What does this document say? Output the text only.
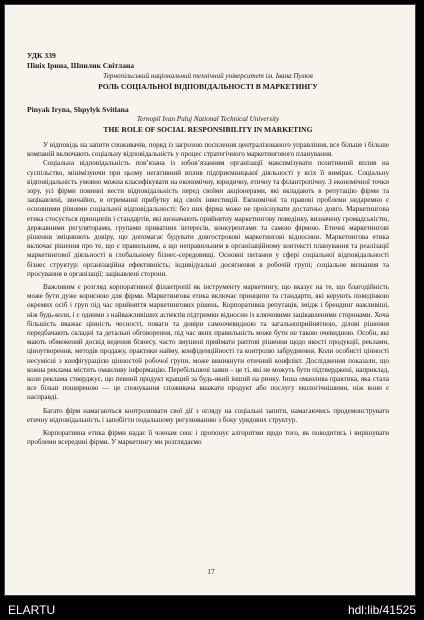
УДК 339
Пініх Ірина, Шпилик Світлана
Тернопільський національний технічний університет ім. Івана Пулюя
РОЛЬ СОЦІАЛЬНОЇ ВІДПОВІДАЛЬНОСТІ В МАРКЕТИНГУ
Pinyak Iryna, Shpylyk Svitlana
Ternopil Ivan Puluj National Technical University
THE ROLE OF SOCIAL RESPONSIBILITY IN MARKETING

У відповідь на запити споживачів, поряд із загрозою посилення централізованого управління, все більше і більше компаній включають соціальну відповідальність у процес стратегічного маркетингового планування.

Соціальна відповідальність пов’язана із зобов’язанням організації максимізувати позитивний вплив на суспільство, мінімізуючи при цьому негативний вплив підприємницької діяльності у всіх її вимірах. Соціальну відповідальність умовно можна класифікувати на економічну, юридичну, етичну та філантропічну. З економічної точки зору, усі фірми повинні вести відповідальність перед своїми акціонерами, які вкладають в репутацію фірми та зацікавлені, звичайно, в отриманні прибутку від своїх інвестицій. Економічні та правові проблеми недаремно є основними рівнями соціальної відповідальності: без них фірма може не проіснувати достатньо довго. Маркетингова етика стосується принципів і стандартів, які визначають прийнятну маркетингову поведінку, визначену громадськістю, державними регуляторами, групами приватних інтересів, конкурентами та самою фірмою. Етичні маркетингові рішення зміцнюють довіру, що допомагає будувати довгострокові маркетингові відносини. Маркетингова етика включає рішення про те, що є правильним, а що неправильним в організаційному контексті планування та реалізації маркетингової діяльності в глобальному бізнес-середовищі. Основні питання у сфері соціальної відповідальності бізнес структур: організаційна ефективність; індивідуальні досягнення в робочій групі; соціальне визнання та просування в організації; зацікавлені сторони.

Важливим є розгляд корпоративної філантропії як інструменту маркетингу, що вказує на те, що благодійність може бути дуже корисною для фірми. Маркетингова етика включає принципи та стандарти, які керують поведінкою окремих осіб і груп під час прийняття маркетингових рішень. Корпоративна репутація, імідж і брендинг важливіші, ніж будь-коли, і є одними з найважливіших аспектів підтримки відносин із ключовими зацікавленими сторонами. Хоча більшість вважає цінність чесності, поваги та довіри самоочевидною та загальноприйнятною, ділові рішення передбачають складні та детальні обговорення, під час яких правильність може бути не такою очевидною. Особи, які мають обмежений досвід ведення бізнесу, часто змушені приймати раптові рішення щодо якості продукції, реклами, ціноутворення, методів продажу, практики найму, конфіденційності та контролю забруднення. Коли особисті цінності несумісні з конфігурацією цінностей робочої групи, може виникнути етичний конфлікт. Дослідження показали, що кожна реклама містить оманливу інформацію. Перебільшені заяви – це ті, які не можуть бути підтверджені, наприклад, коли реклама стверджує, що певний продукт кращий за будь-який інший на ринку. Інша оманлива практика, яка стала все більш поширеною — це спонукання споживача вважати продукт або послугу екологічнішими, ніж вони є насправді.

Багато фірм намагаються контролювати свої дії з огляду на соціальні запити, намагаючись продемонструвати етичну відповідальність і запобігти подальшому регулюванню з боку урядових структур.

Корпоративна етика фірми надає її членам сенс і пропонує алгоритми щодо того, як поводитись і вирішувати проблеми всередині фірми. У маркетингу ми розглядаємо

17
ELARTU	hdl:lib/41525
